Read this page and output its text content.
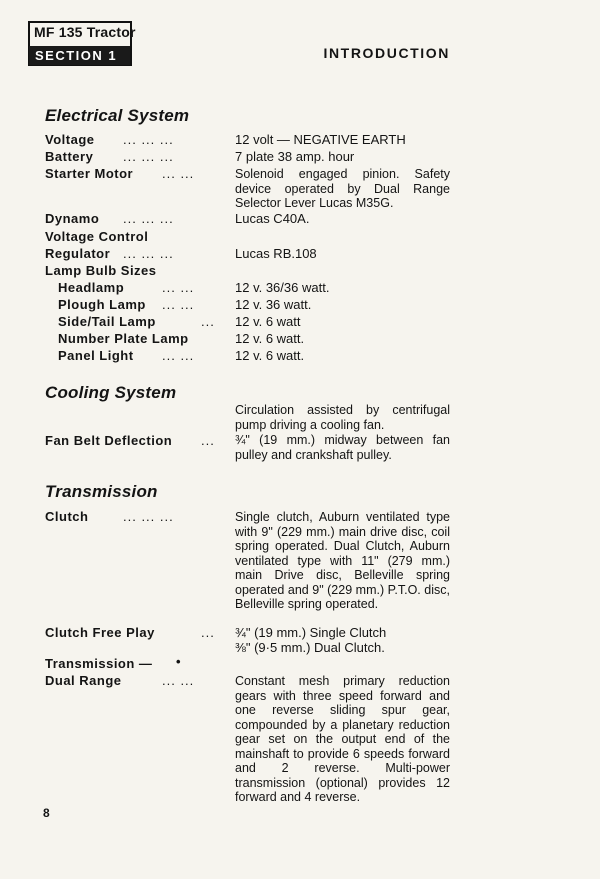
MF 135 Tractor
SECTION 1	INTRODUCTION
Electrical System
Voltage ... ... ...	12 volt — NEGATIVE EARTH
Battery ... ... ...	7 plate 38 amp. hour
Starter Motor ... ...	Solenoid engaged pinion. Safety device operated by Dual Range Selector Lever Lucas M35G.
Dynamo ... ... ...	Lucas C40A.
Voltage Control
Regulator ... ... ...	Lucas RB.108
Lamp Bulb Sizes
Headlamp	... ...	12 v. 36/36 watt.
Plough Lamp ... ...	12 v. 36 watt.
Side/Tail Lamp	... 12 v. 6 watt
Number Plate Lamp	12 v. 6 watt.
Panel Light ... ...	12 v. 6 watt.
Cooling System
Circulation assisted by centrifugal pump driving a cooling fan.
Fan Belt Deflection ... ¾" (19 mm.) midway between fan pulley and crankshaft pulley.
Transmission
Clutch	... ... ...	Single clutch, Auburn ventilated type with 9" (229 mm.) main drive disc, coil spring operated. Dual Clutch, Auburn ventilated type with 11" (279 mm.) main Drive disc, Belleville spring operated and 9" (229 mm.) P.T.O. disc, Belleville spring operated.
Clutch Free Play	... ¾" (19 mm.) Single Clutch
⅜" (9·5 mm.) Dual Clutch.
Transmission — •
Dual Range	... ...	Constant mesh primary reduction gears with three speed forward and one reverse sliding spur gear, compounded by a planetary reduction gear set on the output end of the mainshaft to provide 6 speeds forward and 2 reverse. Multi-power transmission (optional) provides 12 forward and 4 reverse.
8
